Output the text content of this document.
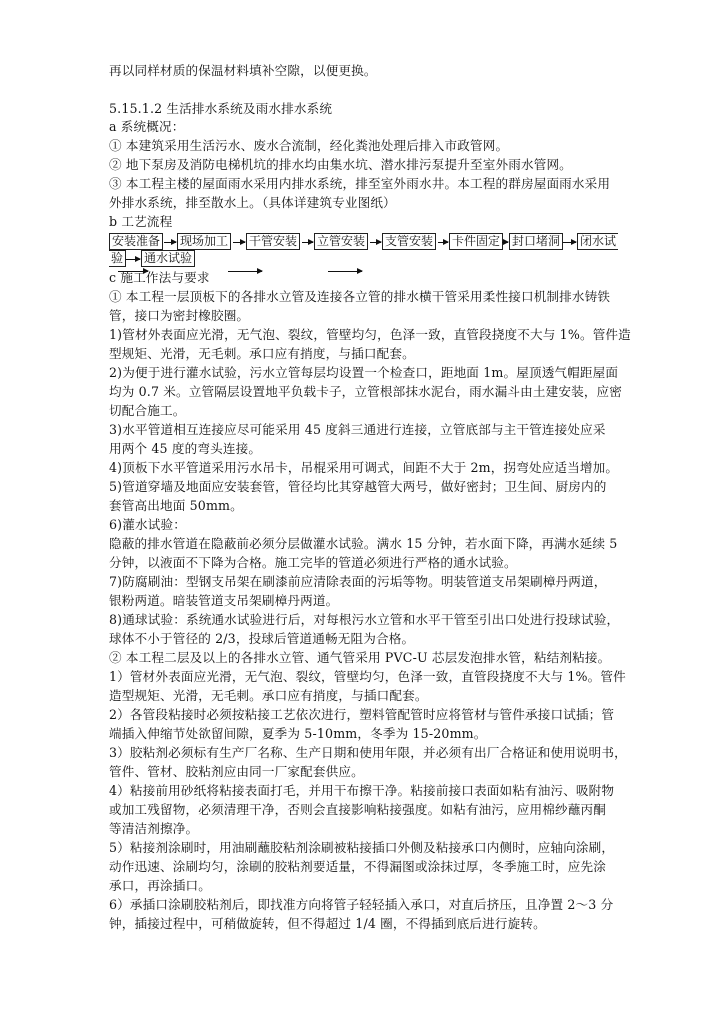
再以同样材质的保温材料填补空隙，以便更换。
5.15.1.2 生活排水系统及雨水排水系统
a 系统概况：
① 本建筑采用生活污水、废水合流制，经化粪池处理后排入市政管网。
② 地下泵房及消防电梯机坑的排水均由集水坑、潜水排污泵提升至室外雨水管网。
③ 本工程主楼的屋面雨水采用内排水系统，排至室外雨水井。本工程的群房屋面雨水采用
外排水系统，排至散水上。（具体详建筑专业图纸）
b 工艺流程
安装准备 现场加工 干管安装 立管安装 支管安装 卡件固定 封口堵洞 闭水试
验 通水试验
c 施工作法与要求
① 本工程一层顶板下的各排水立管及连接各立管的排水横干管采用柔性接口机制排水铸铁
管，接口为密封橡胶圈。
1)管材外表面应光滑，无气泡、裂纹，管壁均匀，色泽一致，直管段挠度不大与 1%。管件造
型规矩、光滑，无毛刺。承口应有捎度，与插口配套。
2)为便于进行灌水试验，污水立管每层均设置一个检查口，距地面 1m。屋顶透气帽距屋面
均为 0.7 米。立管隔层设置地平负载卡子，立管根部抹水泥台，雨水漏斗由土建安装，应密
切配合施工。
3)水平管道相互连接应尽可能采用 45 度斜三通进行连接，立管底部与主干管连接处应采
用两个 45 度的弯头连接。
4)顶板下水平管道采用污水吊卡，吊棍采用可调式，间距不大于 2m，拐弯处应适当增加。
5)管道穿墙及地面应安装套管，管径均比其穿越管大两号，做好密封；卫生间、厨房内的
套管高出地面 50mm。
6)灌水试验：
隐蔽的排水管道在隐蔽前必须分层做灌水试验。满水 15 分钟，若水面下降，再满水延续 5
分钟，以液面不下降为合格。施工完毕的管道必须进行严格的通水试验。
7)防腐刷油：型钢支吊架在刷漆前应清除表面的污垢等物。明装管道支吊架刷樟丹两道，
银粉两道。暗装管道支吊架刷樟丹两道。
8)通球试验：系统通水试验进行后，对每根污水立管和水平干管至引出口处进行投球试验，
球体不小于管径的 2/3，投球后管道通畅无阻为合格。
② 本工程二层及以上的各排水立管、通气管采用 PVC-U 芯层发泡排水管，粘结剂粘接。
1）管材外表面应光滑，无气泡、裂纹，管壁均匀，色泽一致，直管段挠度不大与 1%。管件
造型规矩、光滑，无毛刺。承口应有捎度，与插口配套。
2）各管段粘接时必须按粘接工艺依次进行，塑料管配管时应将管材与管件承接口试插；管
端插入伸缩节处欲留间隙，夏季为 5-10mm，冬季为 15-20mm。
3）胶粘剂必须标有生产厂名称、生产日期和使用年限，并必须有出厂合格证和使用说明书，
管件、管材、胶粘剂应由同一厂家配套供应。
4）粘接前用砂纸将粘接表面打毛，并用干布擦干净。粘接前接口表面如粘有油污、吸附物
或加工残留物，必须清理干净，否则会直接影响粘接强度。如粘有油污，应用棉纱蘸丙酮
等清洁剂擦净。
5）粘接剂涂刷时，用油刷蘸胶粘剂涂刷被粘接插口外侧及粘接承口内侧时，应轴向涂刷，
动作迅速、涂刷均匀，涂刷的胶粘剂要适量，不得漏图或涂抹过厚，冬季施工时，应先涂
承口，再涂插口。
6）承插口涂刷胶粘剂后，即找准方向将管子轻轻插入承口，对直后挤压，且净置 2～3 分
钟，插接过程中，可稍做旋转，但不得超过 1/4 圈，不得插到底后进行旋转。
